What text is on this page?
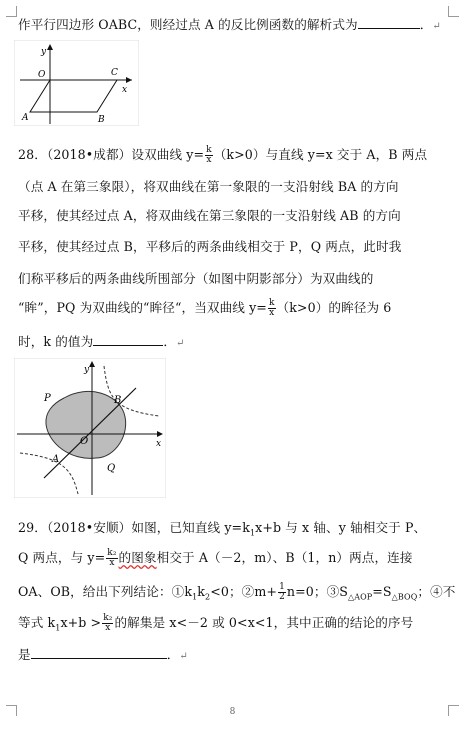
作平行四边形 OABC，则经过点 A 的反比例函数的解析式为	．↵
y
O	C
x
A	B
28．（2018•成都）设双曲线 $y= \frac{k}{x} (k>0)$与直线 y=x 交于 A，B 两点
（点 A 在第三象限），将双曲线在第一象限的一支沿射线 BA 的方向
平移，使其经过点 A，将双曲线在第三象限的一支沿射线 AB 的方向
平移，使其经过点 B，平移后的两条曲线相交于 P，Q 两点，此时我
们称平移后的两条曲线所围部分（如图中阴影部分）为双曲线的
“眸”，PQ 为双曲线的“眸径“，当双曲线 $y= \frac{k}{x} (k>0)$的眸径为 6
时，k 的值为	．↵
y
P	B
O	x
A
Q
29．（2018•安顺）如图，已知直线 $y=k_1x+b$ 与 x 轴、y 轴相交于 P、
Q 两点，与 $y= \frac{\text{k₂}}{x}$ 的图象相交于 A（－2，m）、B（1，n）两点，连接
OA、OB，给出下列结论：$①k_1k_2<0$；②m+ $\frac{1}{2} n=0$；$③S_{\triangle AOP}=S_{\triangle BOQ}$；④不
等式 $k_1x+b > \frac{\text{k₂}}{x}$ 的解集是 x<－2 或 0<x<1，其中正确的结论的序号
是	．↵
8
